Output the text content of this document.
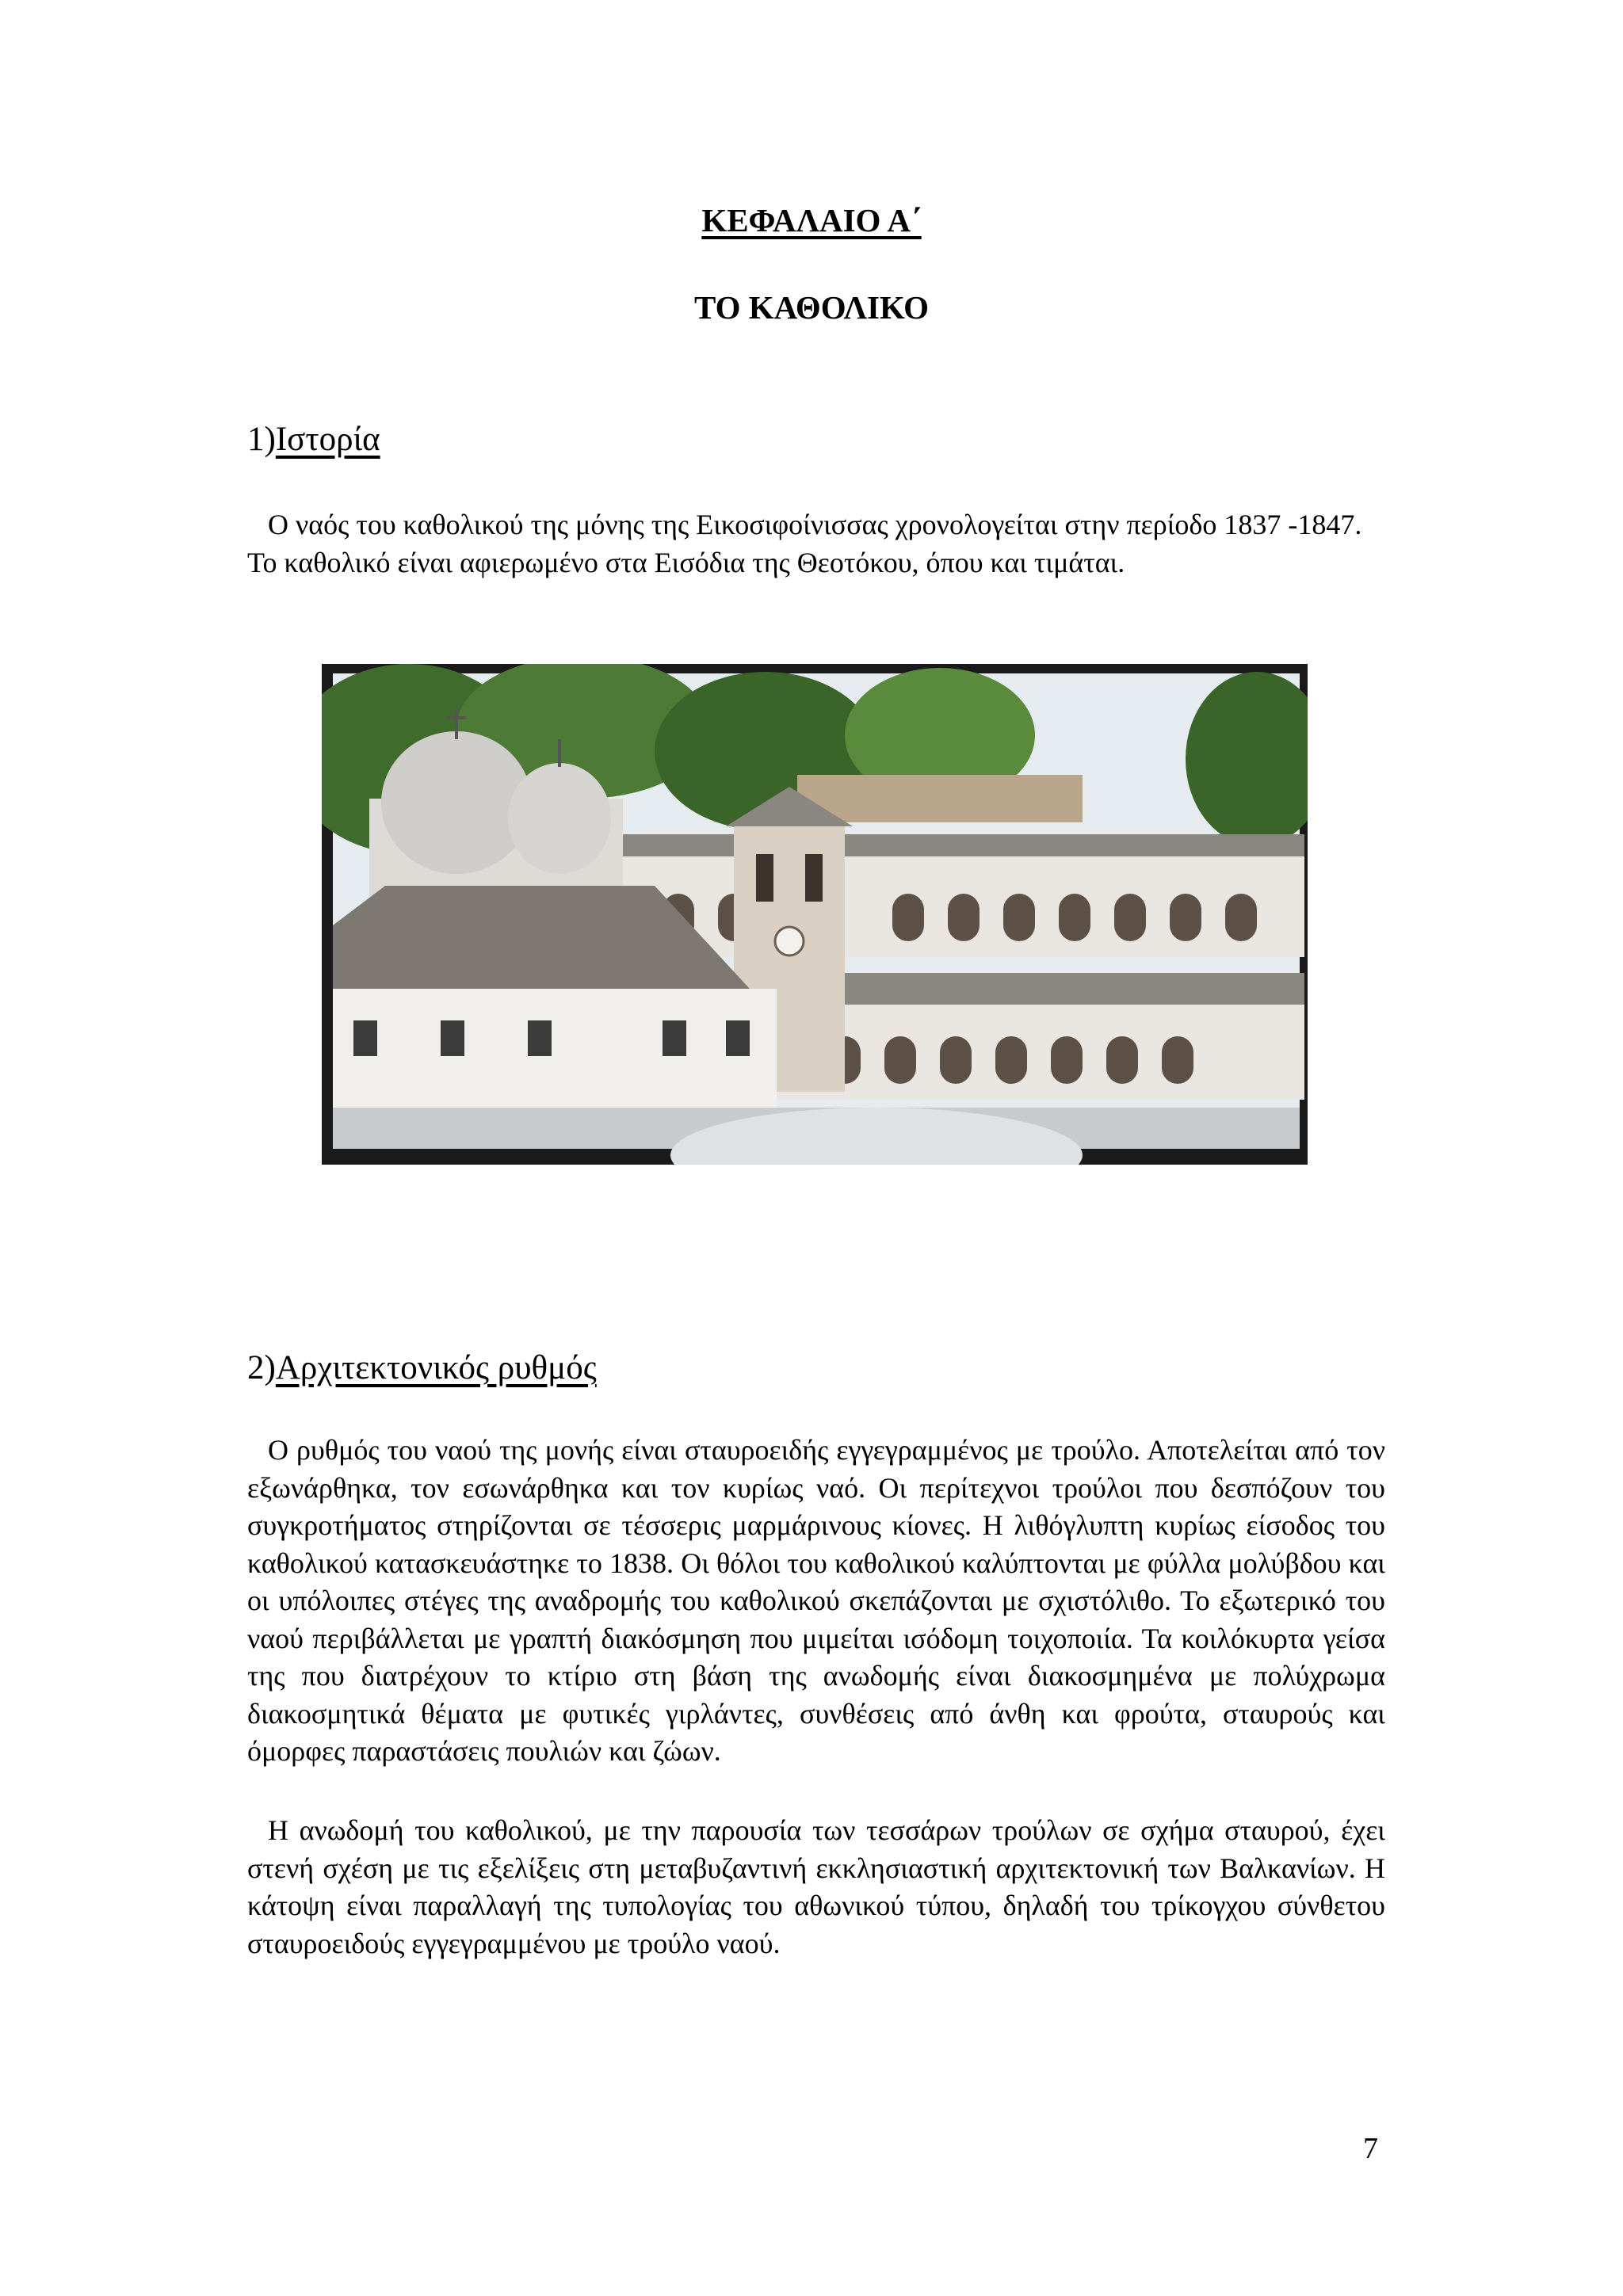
ΚΕΦΑΛΑΙΟ Α΄
ΤΟ ΚΑΘΟΛΙΚΟ
1)Ιστορία

Ο ναός του καθολικού της μόνης της Εικοσιφοίνισσας χρονολογείται στην περίοδο 1837 -1847. Το καθολικό είναι αφιερωμένο στα Εισόδια της Θεοτόκου, όπου και τιμάται.

2)Αρχιτεκτονικός ρυθμός

Ο ρυθμός του ναού της μονής είναι σταυροειδής εγγεγραμμένος με τρούλο. Αποτελείται από τον εξωνάρθηκα, τον εσωνάρθηκα και τον κυρίως ναό. Οι περίτεχνοι τρούλοι που δεσπόζουν του συγκροτήματος στηρίζονται σε τέσσερις μαρμάρινους κίονες. Η λιθόγλυπτη κυρίως είσοδος του καθολικού κατασκευάστηκε το 1838. Οι θόλοι του καθολικού καλύπτονται με φύλλα μολύβδου και οι υπόλοιπες στέγες της αναδρομής του καθολικού σκεπάζονται με σχιστόλιθο. Το εξωτερικό του ναού περιβάλλεται με γραπτή διακόσμηση που μιμείται ισόδομη τοιχοποιία. Τα κοιλόκυρτα γείσα της που διατρέχουν το κτίριο στη βάση της ανωδομής είναι διακοσμημένα με πολύχρωμα διακοσμητικά θέματα με φυτικές γιρλάντες, συνθέσεις από άνθη και φρούτα, σταυρούς και όμορφες παραστάσεις πουλιών και ζώων.

Η ανωδομή του καθολικού, με την παρουσία των τεσσάρων τρούλων σε σχήμα σταυρού, έχει στενή σχέση με τις εξελίξεις στη μεταβυζαντινή εκκλησιαστική αρχιτεκτονική των Βαλκανίων. Η κάτοψη είναι παραλλαγή της τυπολογίας του αθωνικού τύπου, δηλαδή του τρίκογχου σύνθετου σταυροειδούς εγγεγραμμένου με τρούλο ναού.

7
